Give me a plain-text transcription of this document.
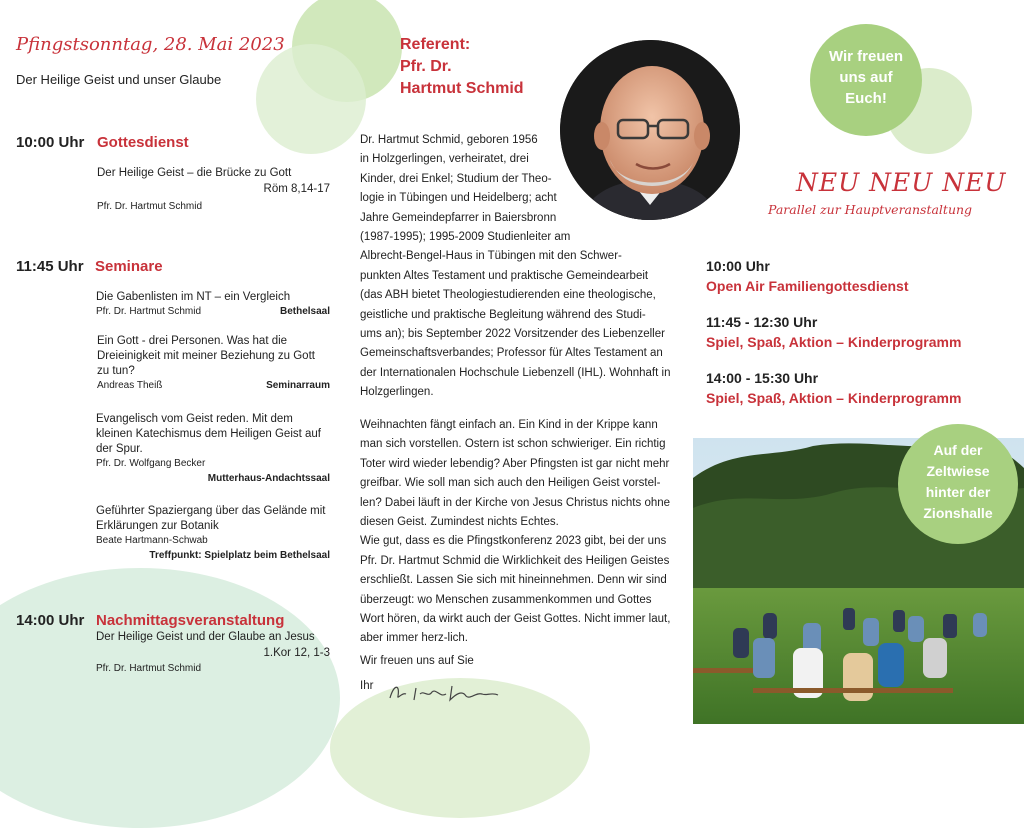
Pfingstsonntag, 28. Mai 2023
Der Heilige Geist und unser Glaube
10:00 Uhr Gottesdienst
Der Heilige Geist – die Brücke zu Gott
Röm 8,14-17
Pfr. Dr. Hartmut Schmid
11:45 Uhr Seminare
Die Gabenlisten im NT – ein Vergleich
Pfr. Dr. Hartmut Schmid	Bethelsaal
Ein Gott - drei Personen. Was hat die Dreieinigkeit mit meiner Beziehung zu Gott zu tun?
Andreas Theiß	Seminarraum
Evangelisch vom Geist reden. Mit dem kleinen Katechismus dem Heiligen Geist auf der Spur.
Pfr. Dr. Wolfgang Becker
Mutterhaus-Andachtssaal
Geführter Spaziergang über das Gelände mit Erklärungen zur Botanik
Beate Hartmann-Schwab
Treffpunkt: Spielplatz beim Bethelsaal
14:00 Uhr Nachmittagsveranstaltung
Der Heilige Geist und der Glaube an Jesus
1.Kor 12, 1-3
Pfr. Dr. Hartmut Schmid
Referent:
Pfr. Dr.
Hartmut Schmid
Dr. Hartmut Schmid, geboren 1956
in Holzgerlingen, verheiratet, drei
Kinder, drei Enkel; Studium der Theo-
logie in Tübingen und Heidelberg; acht
Jahre Gemeindepfarrer in Baiersbronn
(1987-1995); 1995-2009 Studienleiter am
Albrecht-Bengel-Haus in Tübingen mit den Schwer-
punkten Altes Testament und praktische Gemeindearbeit
(das ABH bietet Theologiestudierenden eine theologische,
geistliche und praktische Begleitung während des Studi-
ums an); bis September 2022 Vorsitzender des Liebenzeller
Gemeinschaftsverbandes; Professor für Altes Testament an
der Internationalen Hochschule Liebenzell (IHL). Wohnhaft in
Holzgerlingen.
Weihnachten fängt einfach an. Ein Kind in der Krippe kann
man sich vorstellen. Ostern ist schon schwieriger. Ein richtig
Toter wird wieder lebendig? Aber Pfingsten ist gar nicht mehr
greifbar. Wie soll man sich auch den Heiligen Geist vorstel-
len? Dabei läuft in der Kirche von Jesus Christus nichts ohne
diesen Geist. Zumindest nichts Echtes.
Wie gut, dass es die Pfingstkonferenz 2023 gibt, bei der uns
Pfr. Dr. Hartmut Schmid die Wirklichkeit des Heiligen Geistes
erschließt. Lassen Sie sich mit hineinnehmen. Denn wir sind
überzeugt: wo Menschen zusammenkommen und Gottes
Wort hören, da wirkt auch der Geist Gottes. Nicht immer laut,
aber immer herz-lich.
Wir freuen uns auf Sie
Ihr
Wir freuen
uns auf
Euch!
NEU NEU NEU
Parallel zur Hauptveranstaltung
10:00 Uhr
Open Air Familiengottesdienst
11:45 - 12:30 Uhr
Spiel, Spaß, Aktion – Kinderprogramm
14:00 - 15:30 Uhr
Spiel, Spaß, Aktion – Kinderprogramm
Auf der
Zeltwiese
hinter der
Zionshalle
